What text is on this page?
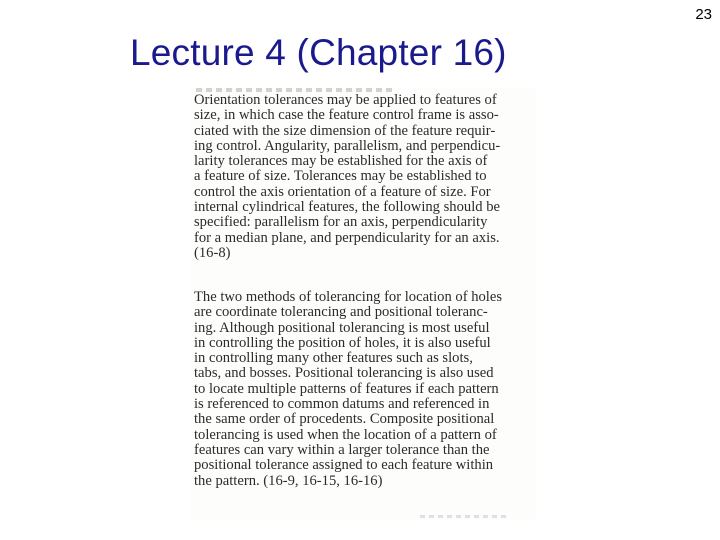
23
Lecture 4 (Chapter 16)
Orientation tolerances may be applied to features of
size, in which case the feature control frame is asso-
ciated with the size dimension of the feature requir-
ing control. Angularity, parallelism, and perpendicu-
larity tolerances may be established for the axis of
a feature of size. Tolerances may be established to
control the axis orientation of a feature of size. For
internal cylindrical features, the following should be
specified: parallelism for an axis, perpendicularity
for a median plane, and perpendicularity for an axis.
(16-8)
The two methods of tolerancing for location of holes
are coordinate tolerancing and positional toleranc-
ing. Although positional tolerancing is most useful
in controlling the position of holes, it is also useful
in controlling many other features such as slots,
tabs, and bosses. Positional tolerancing is also used
to locate multiple patterns of features if each pattern
is referenced to common datums and referenced in
the same order of procedents. Composite positional
tolerancing is used when the location of a pattern of
features can vary within a larger tolerance than the
positional tolerance assigned to each feature within
the pattern. (16-9, 16-15, 16-16)
